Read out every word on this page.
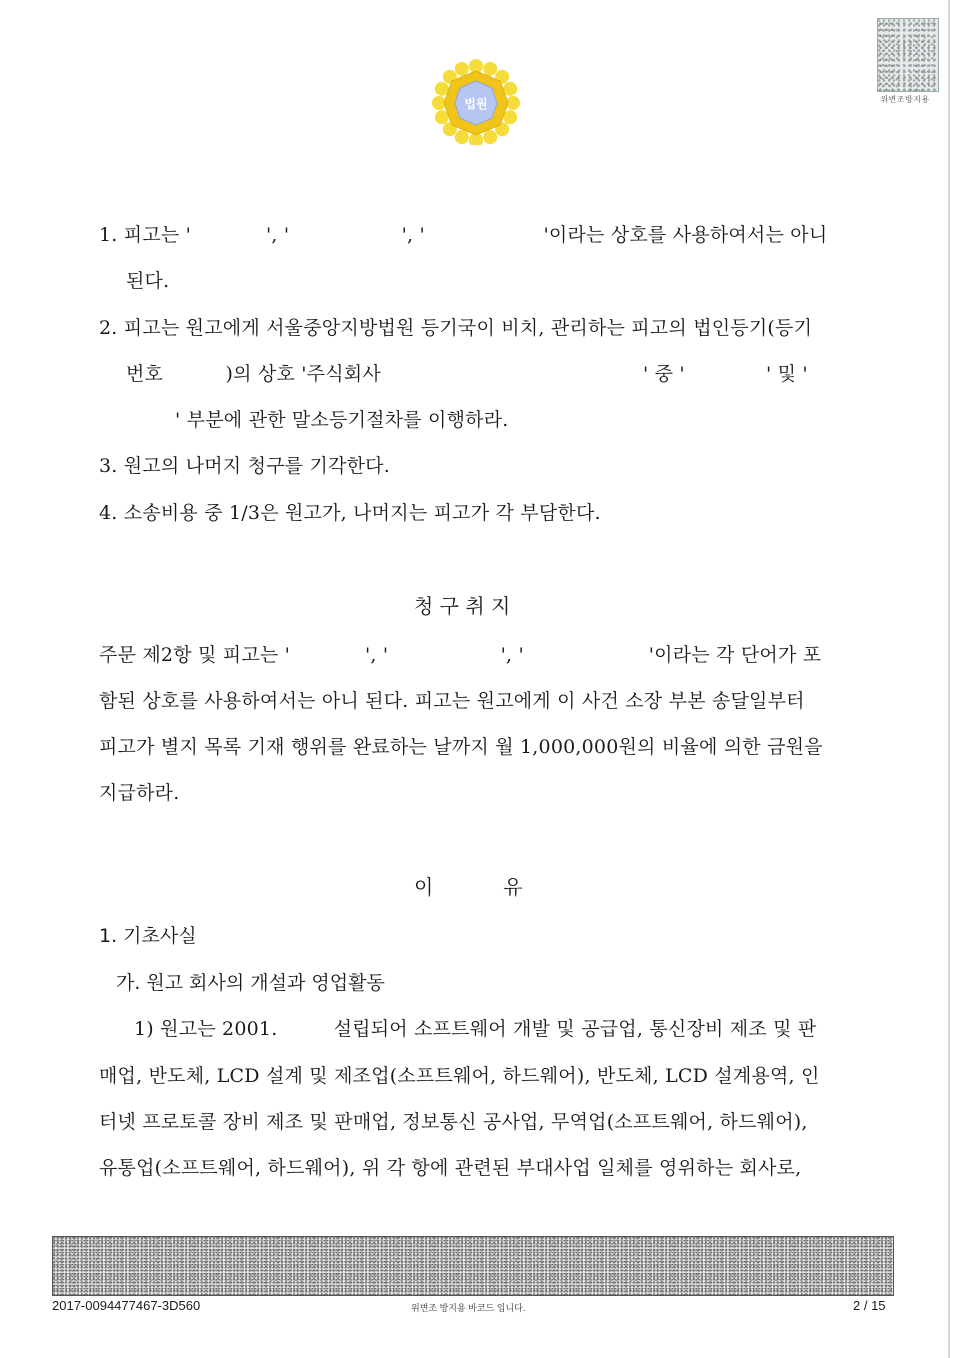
법원	위변조방지용
1. 피고는 '            ', '                  ', '                   '이라는 상호를 사용하여서는 아니
된다.
2. 피고는 원고에게 서울중앙지방법원 등기국이 비치, 관리하는 피고의 법인등기(등기
번호          )의 상호 '주식회사                                          ' 중 '             ' 및 '
' 부분에 관한 말소등기절차를 이행하라.
3. 원고의 나머지 청구를 기각한다.
4. 소송비용 중 1/3은 원고가, 나머지는 피고가 각 부담한다.
청 구 취 지
주문 제2항 및 피고는 '            ', '                  ', '                    '이라는 각 단어가 포
함된 상호를 사용하여서는 아니 된다. 피고는 원고에게 이 사건 소장 부본 송달일부터
피고가 별지 목록 기재 행위를 완료하는 날까지 월 1,000,000원의 비율에 의한 금원을
지급하라.
이           유
1. 기초사실
가. 원고 회사의 개설과 영업활동
1) 원고는 2001.         설립되어 소프트웨어 개발 및 공급업, 통신장비 제조 및 판
매업, 반도체, LCD 설계 및 제조업(소프트웨어, 하드웨어), 반도체, LCD 설계용역, 인
터넷 프로토콜 장비 제조 및 판매업, 정보통신 공사업, 무역업(소프트웨어, 하드웨어),
유통업(소프트웨어, 하드웨어), 위 각 항에 관련된 부대사업 일체를 영위하는 회사로,
2017-0094477467-3D560	위변조 방지용 바코드 입니다.	2 / 15
